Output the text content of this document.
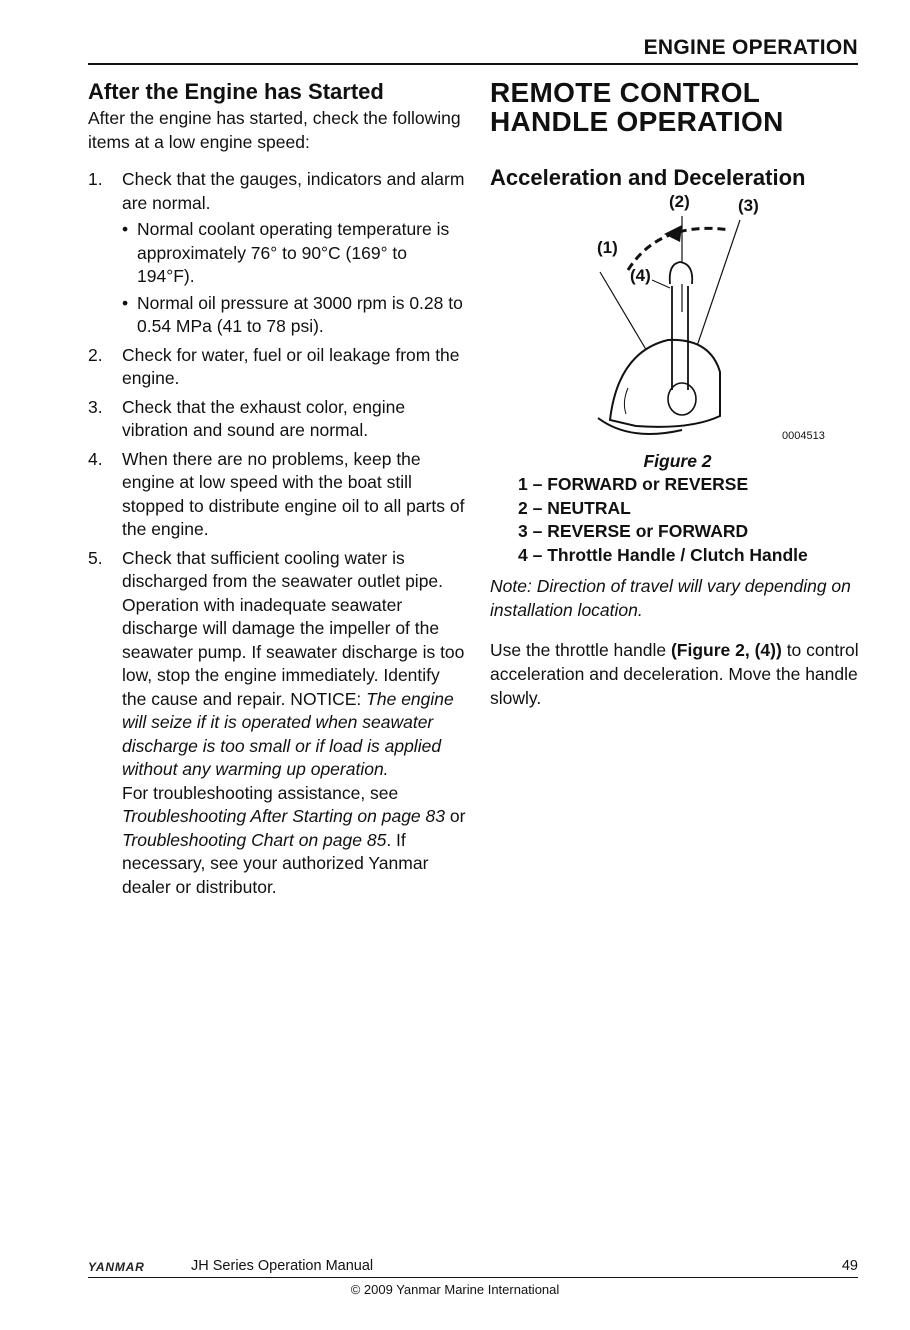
ENGINE OPERATION
After the Engine has Started

After the engine has started, check the following items at a low engine speed:

1. Check that the gauges, indicators and alarm are normal.
• Normal coolant operating temperature is approximately 76° to 90°C (169° to 194°F).
• Normal oil pressure at 3000 rpm is 0.28 to 0.54 MPa (41 to 78 psi).
2. Check for water, fuel or oil leakage from the engine.
3. Check that the exhaust color, engine vibration and sound are normal.
4. When there are no problems, keep the engine at low speed with the boat still stopped to distribute engine oil to all parts of the engine.
5. Check that sufficient cooling water is discharged from the seawater outlet pipe. Operation with inadequate seawater discharge will damage the impeller of the seawater pump. If seawater discharge is too low, stop the engine immediately. Identify the cause and repair. NOTICE: The engine will seize if it is operated when seawater discharge is too small or if load is applied without any warming up operation.
For troubleshooting assistance, see Troubleshooting After Starting on page 83 or Troubleshooting Chart on page 85. If necessary, see your authorized Yanmar dealer or distributor.
REMOTE CONTROL
HANDLE OPERATION
Acceleration and Deceleration
(2)	(3)
(1)
(4)
0004513

Figure 2

1 – FORWARD or REVERSE
2 – NEUTRAL
3 – REVERSE or FORWARD
4 – Throttle Handle / Clutch Handle

Note: Direction of travel will vary depending on installation location.

Use the throttle handle (Figure 2, (4)) to control acceleration and deceleration. Move the handle slowly.

YANMAR	JH Series Operation Manual	49
© 2009 Yanmar Marine International
